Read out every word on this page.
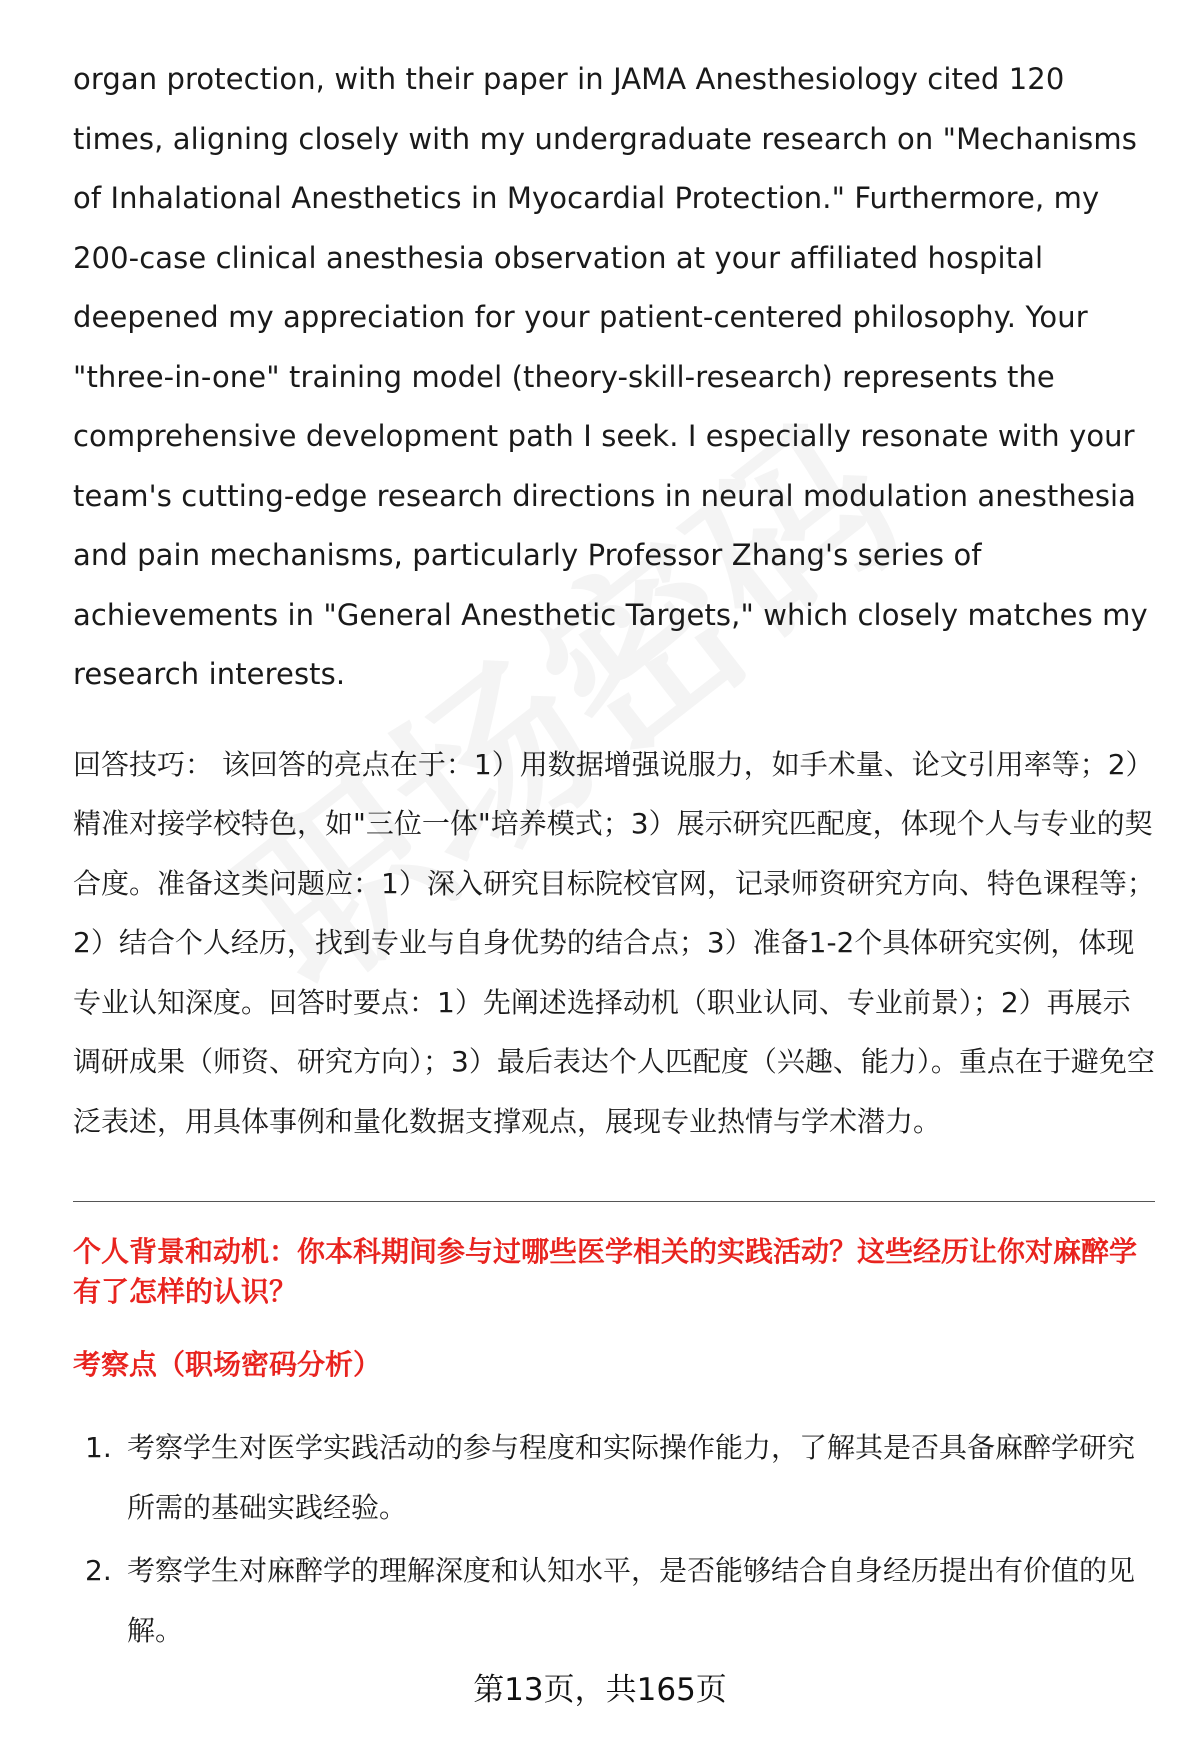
organ protection, with their paper in JAMA Anesthesiology cited 120 times, aligning closely with my undergraduate research on "Mechanisms of Inhalational Anesthetics in Myocardial Protection." Furthermore, my 200-case clinical anesthesia observation at your affiliated hospital deepened my appreciation for your patient-centered philosophy. Your "three-in-one" training model (theory-skill-research) represents the comprehensive development path I seek. I especially resonate with your team's cutting-edge research directions in neural modulation anesthesia and pain mechanisms, particularly Professor Zhang's series of achievements in "General Anesthetic Targets," which closely matches my research interests.

回答技巧： 该回答的亮点在于：1）用数据增强说服力，如手术量、论文引用率等；2）精准对接学校特色，如"三位一体"培养模式；3）展示研究匹配度，体现个人与专业的契合度。准备这类问题应：1）深入研究目标院校官网，记录师资研究方向、特色课程等；2）结合个人经历，找到专业与自身优势的结合点；3）准备1-2个具体研究实例，体现专业认知深度。回答时要点：1）先阐述选择动机（职业认同、专业前景）；2）再展示调研成果（师资、研究方向）；3）最后表达个人匹配度（兴趣、能力）。重点在于避免空泛表述，用具体事例和量化数据支撑观点，展现专业热情与学术潜力。

个人背景和动机：你本科期间参与过哪些医学相关的实践活动？这些经历让你对麻醉学有了怎样的认识？
考察点（职场密码分析）
1. 考察学生对医学实践活动的参与程度和实际操作能力，了解其是否具备麻醉学研究所需的基础实践经验。
2. 考察学生对麻醉学的理解深度和认知水平，是否能够结合自身经历提出有价值的见解。
第13页，共165页
